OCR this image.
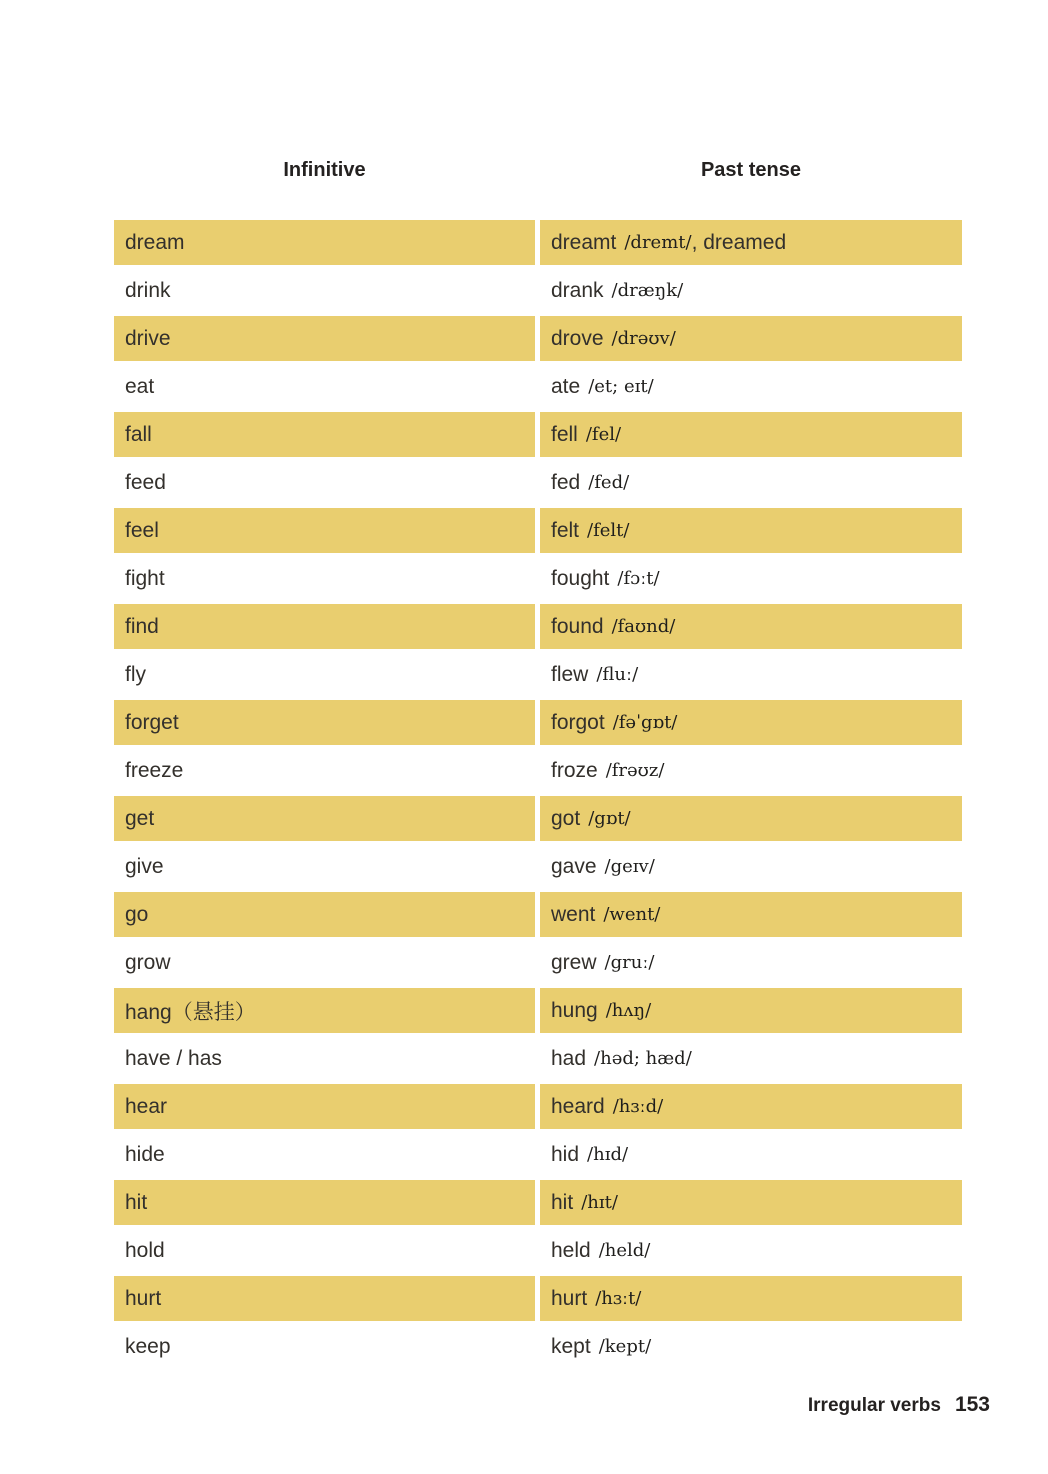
Infinitive	Past tense
dream	dreamt /dremt/ , dreamed
drink	drank /dræŋk/
drive	drove /drəʊv/
eat	ate /et; eɪt/
fall	fell /fel/
feed	fed /fed/
feel	felt /felt/
fight	fought /fɔːt/
find	found /faʊnd/
fly	flew /fluː/
forget	forgot /fəˈgɒt/
freeze	froze /frəʊz/
get	got /gɒt/
give	gave /geɪv/
go	went /went/
grow	grew /gruː/
hang（悬挂）	hung /hʌŋ/
have / has	had /həd; hæd/
hear	heard /hɜːd/
hide	hid /hɪd/
hit	hit /hɪt/
hold	held /held/
hurt	hurt /hɜːt/
keep	kept /kept/
Irregular verbs 153
